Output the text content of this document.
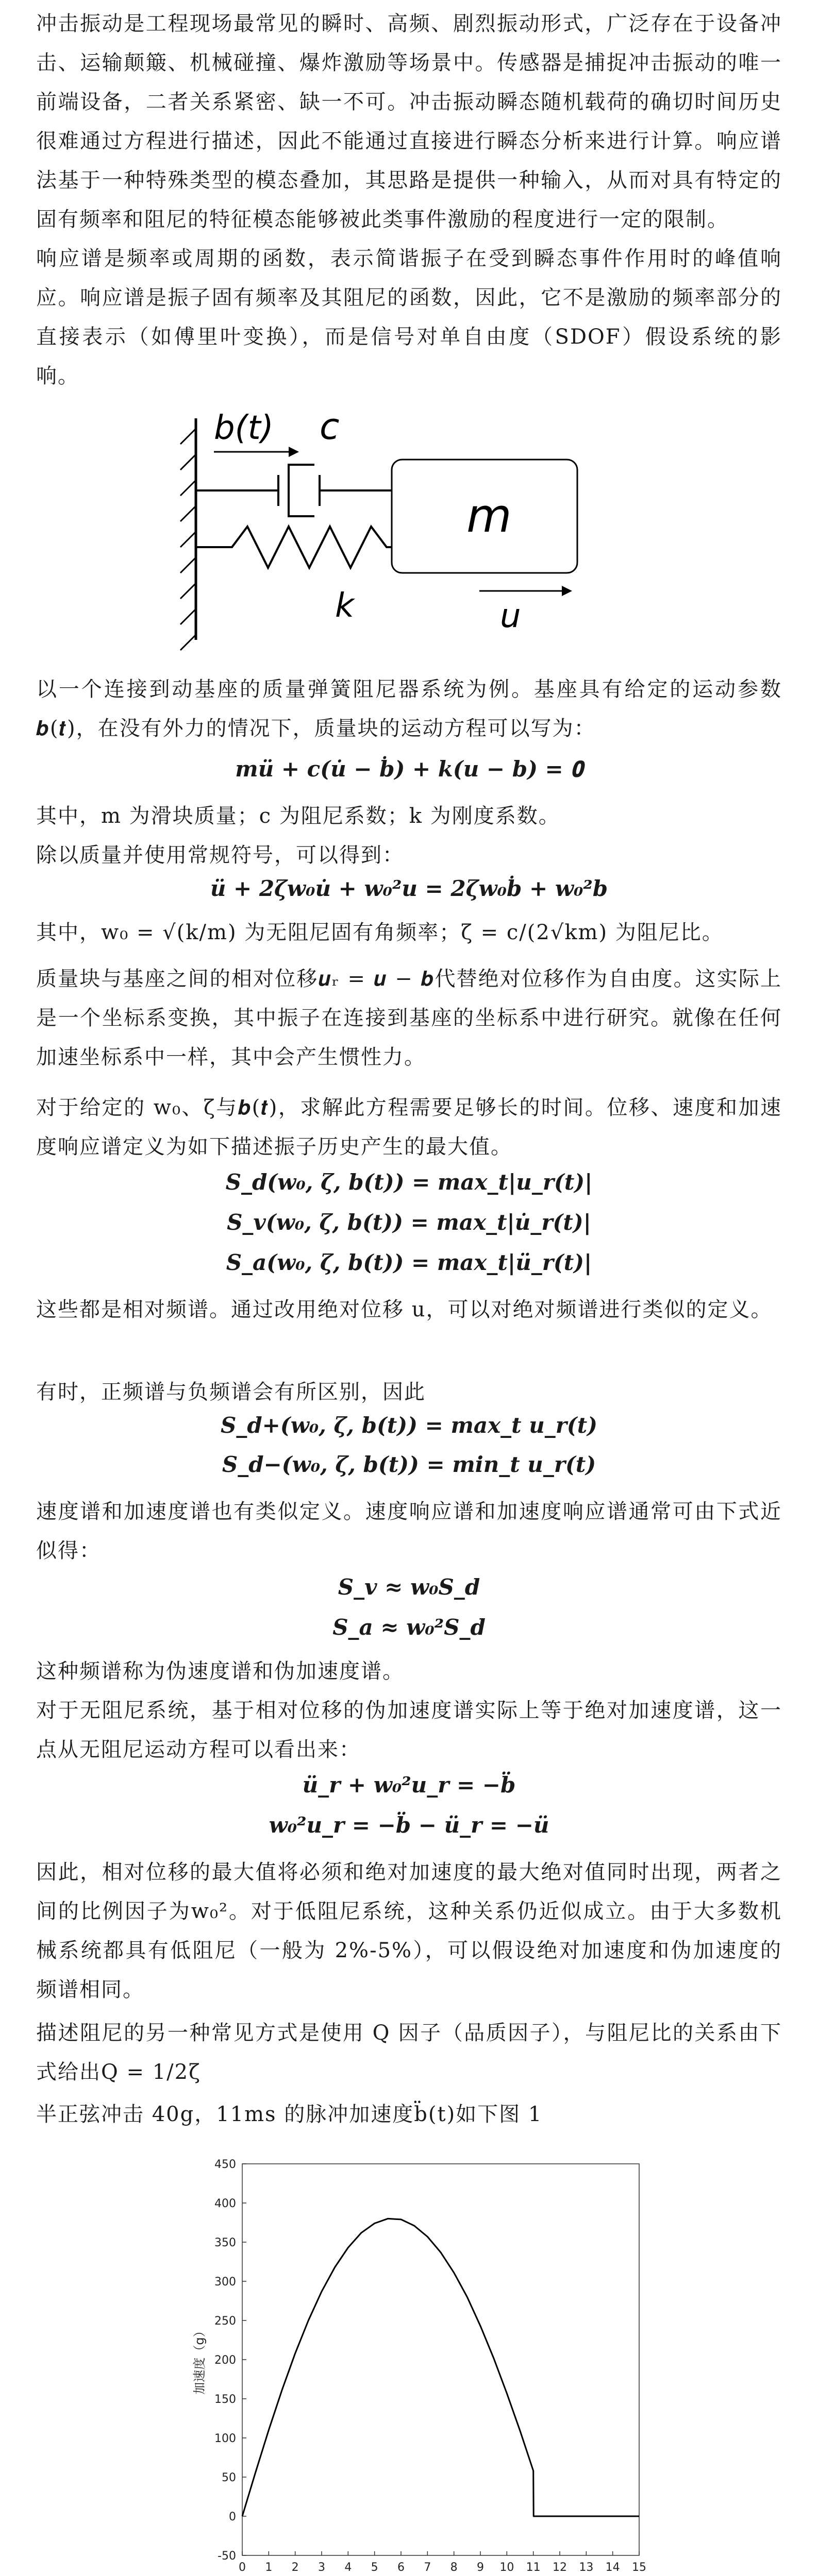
冲击振动是工程现场最常见的瞬时、高频、剧烈振动形式，广泛存在于设备冲击、运输颠簸、机械碰撞、爆炸激励等场景中。传感器是捕捉冲击振动的唯一前端设备，二者关系紧密、缺一不可。冲击振动瞬态随机载荷的确切时间历史很难通过方程进行描述，因此不能通过直接进行瞬态分析来进行计算。响应谱法基于一种特殊类型的模态叠加，其思路是提供一种输入，从而对具有特定的固有频率和阻尼的特征模态能够被此类事件激励的程度进行一定的限制。

响应谱是频率或周期的函数，表示简谐振子在受到瞬态事件作用时的峰值响应。响应谱是振子固有频率及其阻尼的函数，因此，它不是激励的频率部分的直接表示（如傅里叶变换），而是信号对单自由度（SDOF）假设系统的影响。

b(t) c
k
m
u

以一个连接到动基座的质量弹簧阻尼器系统为例。基座具有给定的运动参数𝒃(𝒕)，在没有外力的情况下，质量块的运动方程可以写为：

𝒎ü + 𝒄(u̇ − ḃ) + 𝒌(𝒖 − 𝒃) = 𝟎

其中，m 为滑块质量；c 为阻尼系数；k 为刚度系数。

除以质量并使用常规符号，可以得到：

ü + 2ζw₀u̇ + w₀²u = 2ζw₀ḃ + w₀²b

其中，w₀ = √(k/m) 为无阻尼固有角频率；ζ = c/(2√km) 为阻尼比。

质量块与基座之间的相对位移𝒖ᵣ = 𝒖 − 𝒃代替绝对位移作为自由度。这实际上是一个坐标系变换，其中振子在连接到基座的坐标系中进行研究。就像在任何加速坐标系中一样，其中会产生惯性力。

对于给定的 w₀、ζ与𝒃(𝒕)，求解此方程需要足够长的时间。位移、速度和加速度响应谱定义为如下描述振子历史产生的最大值。

S_d(w₀, ζ, b(t)) = max_t|u_r(t)|

S_v(w₀, ζ, b(t)) = max_t|u̇_r(t)|

S_a(w₀, ζ, b(t)) = max_t|ü_r(t)|

这些都是相对频谱。通过改用绝对位移 u，可以对绝对频谱进行类似的定义。

有时，正频谱与负频谱会有所区别，因此

S_d+(w₀, ζ, b(t)) = max_t u_r(t)

S_d−(w₀, ζ, b(t)) = min_t u_r(t)

速度谱和加速度谱也有类似定义。速度响应谱和加速度响应谱通常可由下式近似得：

S_v ≈ w₀S_d

S_a ≈ w₀²S_d

这种频谱称为伪速度谱和伪加速度谱。

对于无阻尼系统，基于相对位移的伪加速度谱实际上等于绝对加速度谱，这一点从无阻尼运动方程可以看出来：

ü_r + w₀²u_r = −b̈

w₀²u_r = −b̈ − ü_r = −ü

因此，相对位移的最大值将必须和绝对加速度的最大绝对值同时出现，两者之间的比例因子为w₀²。对于低阻尼系统，这种关系仍近似成立。由于大多数机械系统都具有低阻尼（一般为 2%-5%），可以假设绝对加速度和伪加速度的频谱相同。

描述阻尼的另一种常见方式是使用 Q 因子（品质因子），与阻尼比的关系由下式给出Q = 1/2ζ

半正弦冲击 40g，11ms 的脉冲加速度b̈(t)如下图 1

0 1 2 3 4 5 6 7 8 9 10 11 12 13 14 15
-50
0
50
100
150
200
250
300
350
400
450
加速度（g）
